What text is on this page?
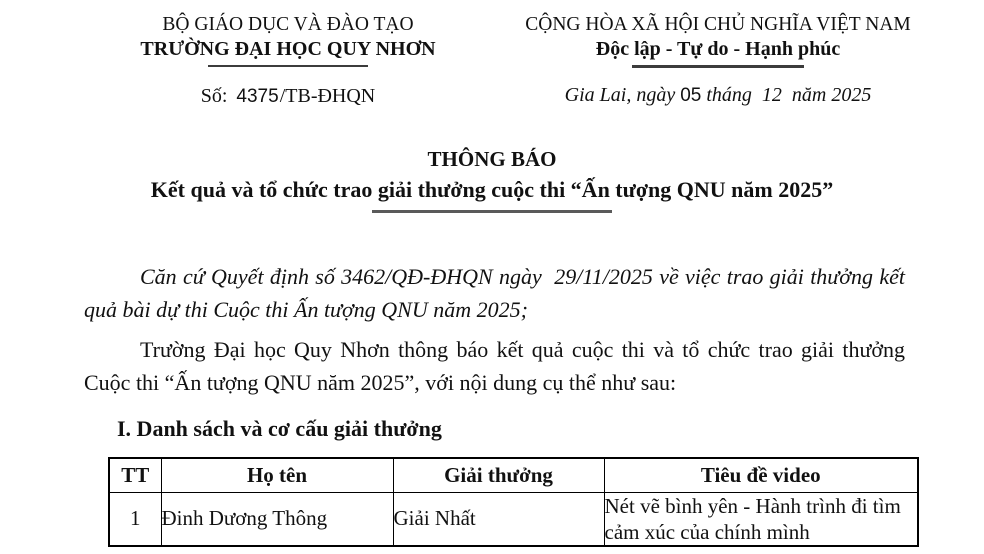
BỘ GIÁO DỤC VÀ ĐÀO TẠO
TRƯỜNG ĐẠI HỌC QUY NHƠN
Số: 4375/TB-ĐHQN
CỘNG HÒA XÃ HỘI CHỦ NGHĨA VIỆT NAM
Độc lập - Tự do - Hạnh phúc
Gia Lai, ngày 05 tháng 12 năm 2025
THÔNG BÁO
Kết quả và tổ chức trao giải thưởng cuộc thi “Ấn tượng QNU năm 2025”

Căn cứ Quyết định số 3462/QĐ-ĐHQN ngày  29/11/2025 về việc trao giải thưởng kết quả bài dự thi Cuộc thi Ấn tượng QNU năm 2025;

Trường Đại học Quy Nhơn thông báo kết quả cuộc thi và tổ chức trao giải thưởng Cuộc thi “Ấn tượng QNU năm 2025”, với nội dung cụ thể như sau:

I. Danh sách và cơ cấu giải thưởng
TT	Họ tên	Giải thưởng	Tiêu đề video
1	Đinh Dương Thông	Giải Nhất	Nét vẽ bình yên - Hành trình đi tìm cảm xúc của chính mình
